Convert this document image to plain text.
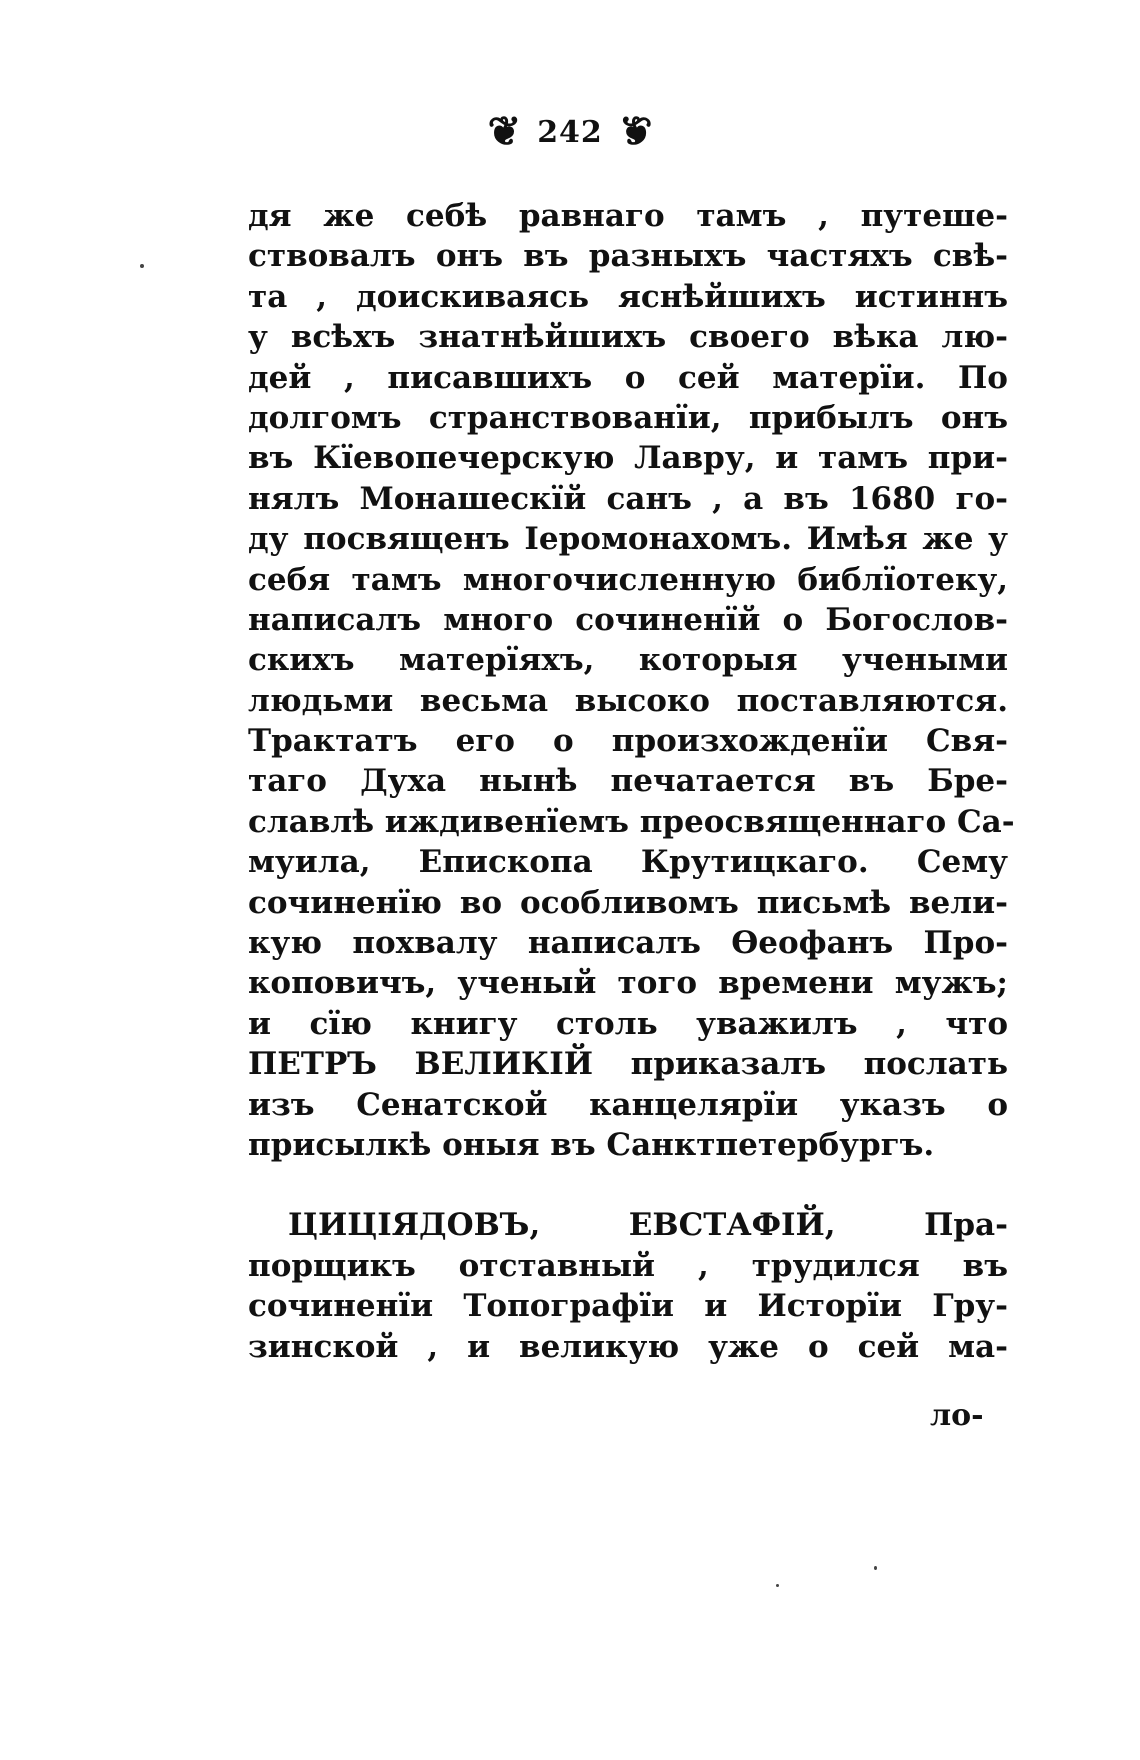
❦ 242 ❦
дя же себѣ равнаго тамъ , путеше-
ствовалъ онъ въ разныхъ частяхъ свѣ-
та , доискиваясь яснѣйшихъ истиннъ
у всѣхъ знатнѣйшихъ своего вѣка лю-
дей , писавшихъ о сей матерїи. По
долгомъ странствованїи, прибылъ онъ
въ Кїевопечерскую Лавру, и тамъ при-
нялъ Монашескїй санъ , а въ 1680 го-
ду посвященъ Iеромонахомъ. Имѣя же у
себя тамъ многочисленную библїотеку,
написалъ много сочиненїй о Богослов-
скихъ матерїяхъ, которыя учеными
людьми весьма высоко поставляются.
Трактатъ его о произхожденїи Свя-
таго Духа нынѣ печатается въ Бре-
славлѣ иждивенїемъ преосвященнаго Са-
муила, Епископа Крутицкаго. Сему
сочиненїю во особливомъ письмѣ вели-
кую похвалу написалъ Ѳеофанъ Про-
коповичъ, ученый того времени мужъ;
и сїю книгу столь уважилъ , что
ПЕТРЪ ВЕЛИКIЙ приказалъ послать
изъ Сенатской канцелярїи указъ о
присылкѣ оныя въ Санктпетербургъ.
ЦИЦIЯДОВЪ, ЕВСТАФIЙ, Пра-
порщикъ отставный , трудился въ
сочиненїи Топографїи и Исторїи Гру-
зинской , и великую уже о сей ма-
ло-
